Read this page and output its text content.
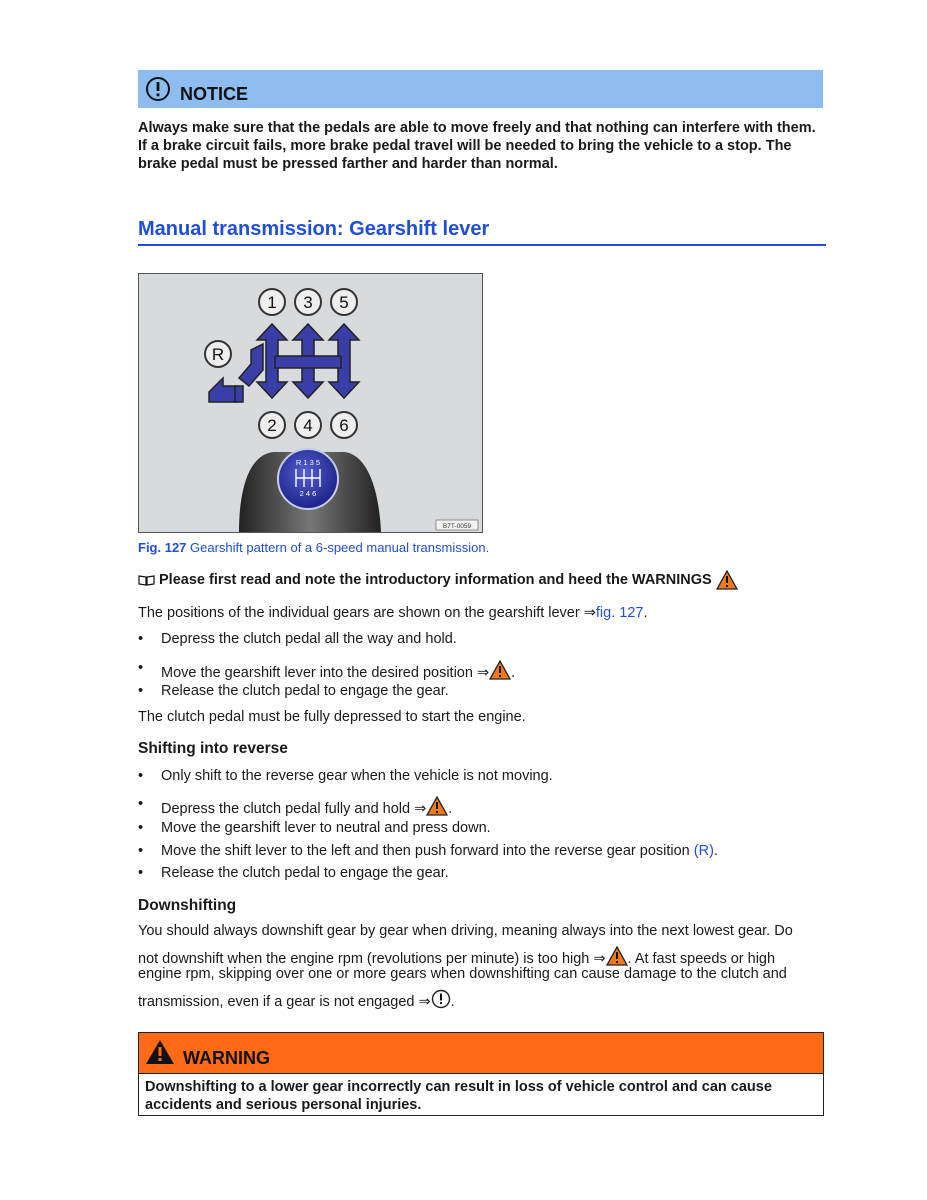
NOTICE
Always make sure that the pedals are able to move freely and that nothing can interfere with them. If a brake circuit fails, more brake pedal travel will be needed to bring the vehicle to a stop. The brake pedal must be pressed farther and harder than normal.
Manual transmission: Gearshift lever
1 3 5
2 4 6
R
R 1 3 5
2 4 6
B7T-0059
Fig. 127 Gearshift pattern of a 6-speed manual transmission.
Please first read and note the introductory information and heed the WARNINGS
The positions of the individual gears are shown on the gearshift lever ⇒fig. 127.
• Depress the clutch pedal all the way and hold.
• Move the gearshift lever into the desired position ⇒ .
• Release the clutch pedal to engage the gear.
The clutch pedal must be fully depressed to start the engine.
Shifting into reverse
• Only shift to the reverse gear when the vehicle is not moving.
• Depress the clutch pedal fully and hold ⇒ .
• Move the gearshift lever to neutral and press down.
• Move the shift lever to the left and then push forward into the reverse gear position (R).
• Release the clutch pedal to engage the gear.
Downshifting
You should always downshift gear by gear when driving, meaning always into the next lowest gear. Do
not downshift when the engine rpm (revolutions per minute) is too high ⇒ . At fast speeds or high
engine rpm, skipping over one or more gears when downshifting can cause damage to the clutch and
transmission, even if a gear is not engaged ⇒ .
WARNING
Downshifting to a lower gear incorrectly can result in loss of vehicle control and can cause accidents and serious personal injuries.
